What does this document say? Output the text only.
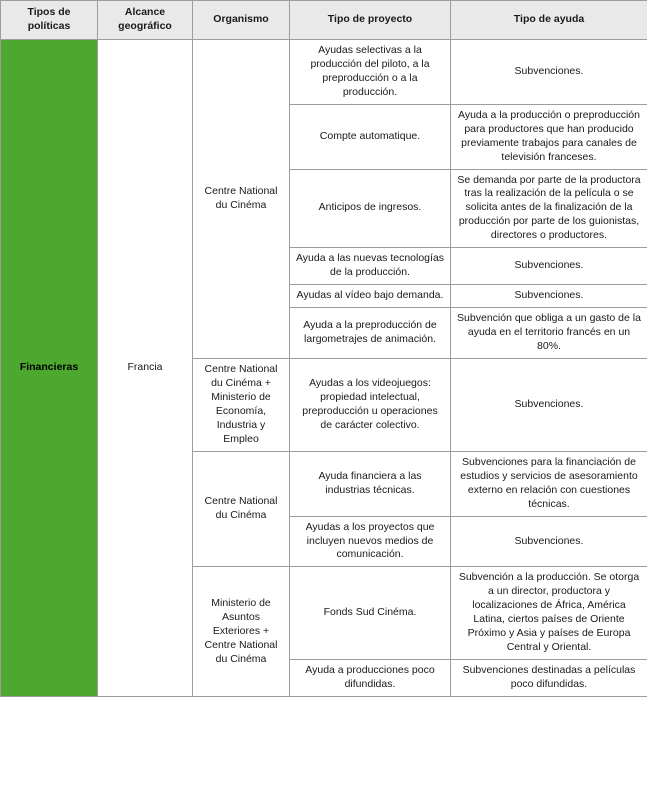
Tipos de políticas	Alcance geográfico	Organismo	Tipo de proyecto	Tipo de ayuda
Financieras	Francia	Centre National du Cinéma	Ayudas selectivas a la producción del piloto, a la preproducción o a la producción.	Subvenciones.
			Compte automatique.	Ayuda a la producción o preproducción para productores que han producido previamente trabajos para canales de televisión franceses.
			Anticipos de ingresos.	Se demanda por parte de la productora tras la realización de la película o se solicita antes de la finalización de la producción por parte de los guionistas, directores o productores.
			Ayuda a las nuevas tecnologías de la producción.	Subvenciones.
			Ayudas al vídeo bajo demanda.	Subvenciones.
			Ayuda a la preproducción de largometrajes de animación.	Subvención que obliga a un gasto de la ayuda en el territorio francés en un 80%.
		Centre National du Cinéma + Ministerio de Economía, Industria y Empleo	Ayudas a los videojuegos: propiedad intelectual, preproducción u operaciones de carácter colectivo.	Subvenciones.
		Centre National du Cinéma	Ayuda financiera a las industrias técnicas.	Subvenciones para la financiación de estudios y servicios de asesoramiento externo en relación con cuestiones técnicas.
			Ayudas a los proyectos que incluyen nuevos medios de comunicación.	Subvenciones.
		Ministerio de Asuntos Exteriores + Centre National du Cinéma	Fonds Sud Cinéma.	Subvención a la producción. Se otorga a un director, productora y localizaciones de África, América Latina, ciertos países de Oriente Próximo y Asia y países de Europa Central y Oriental.
			Ayuda a producciones poco difundidas.	Subvenciones destinadas a películas poco difundidas.
